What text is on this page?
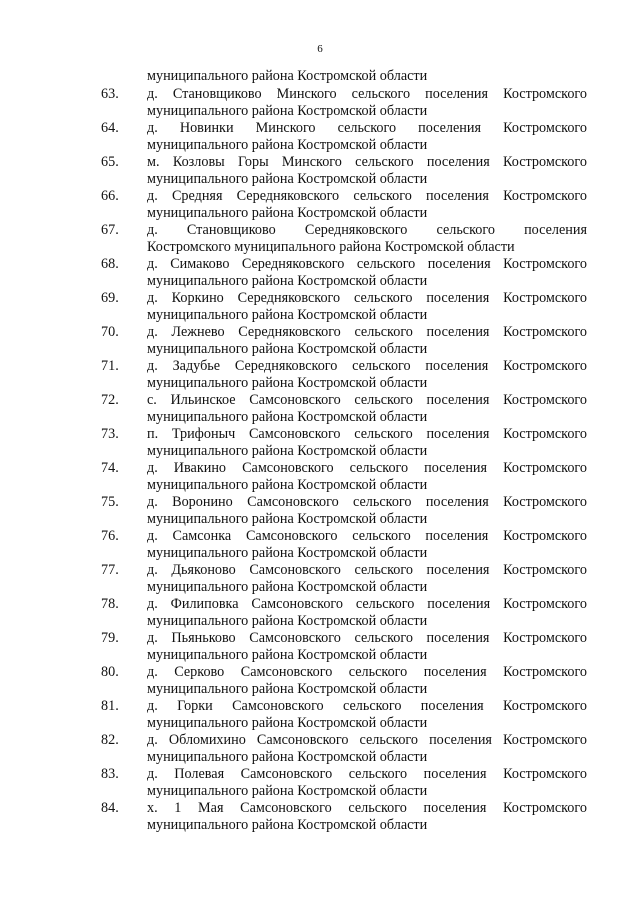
6
муниципального района Костромской области
63. д. Становщиково Минского сельского поселения Костромского
муниципального района Костромской области
64. д. Новинки Минского сельского поселения Костромского
муниципального района Костромской области
65. м. Козловы Горы Минского сельского поселения Костромского
муниципального района Костромской области
66. д. Средняя Середняковского сельского поселения Костромского
муниципального района Костромской области
67. д. Становщиково Середняковского сельского поселения
Костромского муниципального района Костромской области
68. д. Симаково Середняковского сельского поселения Костромского
муниципального района Костромской области
69. д. Коркино Середняковского сельского поселения Костромского
муниципального района Костромской области
70. д. Лежнево Середняковского сельского поселения Костромского
муниципального района Костромской области
71. д. Задубье Середняковского сельского поселения Костромского
муниципального района Костромской области
72. с. Ильинское Самсоновского сельского поселения Костромского
муниципального района Костромской области
73. п. Трифоныч Самсоновского сельского поселения Костромского
муниципального района Костромской области
74. д. Ивакино Самсоновского сельского поселения Костромского
муниципального района Костромской области
75. д. Воронино Самсоновского сельского поселения Костромского
муниципального района Костромской области
76. д. Самсонка Самсоновского сельского поселения Костромского
муниципального района Костромской области
77. д. Дьяконово Самсоновского сельского поселения Костромского
муниципального района Костромской области
78. д. Филиповка Самсоновского сельского поселения Костромского
муниципального района Костромской области
79. д. Пьяньково Самсоновского сельского поселения Костромского
муниципального района Костромской области
80. д. Серково Самсоновского сельского поселения Костромского
муниципального района Костромской области
81. д. Горки Самсоновского сельского поселения Костромского
муниципального района Костромской области
82. д. Обломихино Самсоновского сельского поселения Костромского
муниципального района Костромской области
83. д. Полевая Самсоновского сельского поселения Костромского
муниципального района Костромской области
84. х. 1 Мая Самсоновского сельского поселения Костромского
муниципального района Костромской области
